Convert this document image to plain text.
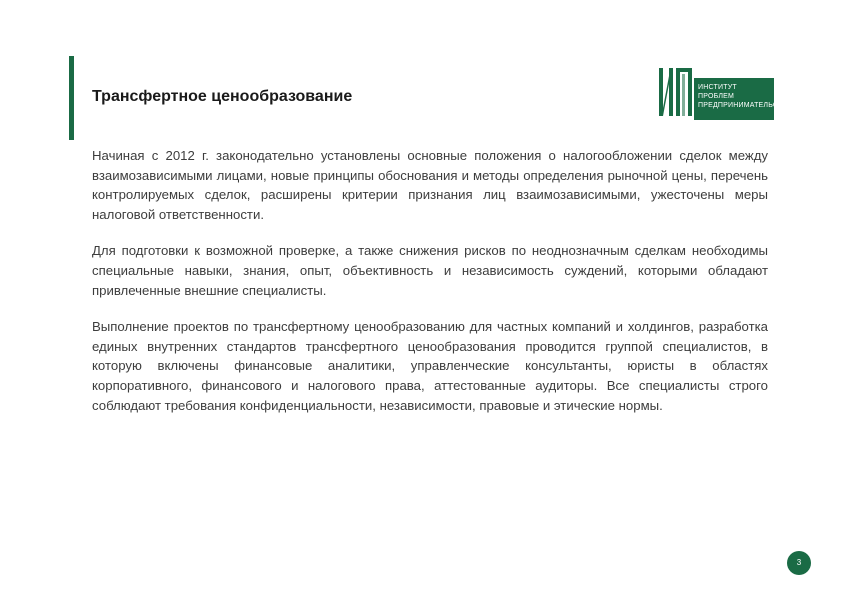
Трансфертное ценообразование
ИНСТИТУТ
ПРОБЛЕМ
ПРЕДПРИНИМАТЕЛЬСТВА

Начиная с 2012 г. законодательно установлены основные положения о налогообложении сделок между взаимозависимыми лицами, новые принципы обоснования и методы определения рыночной цены, перечень контролируемых сделок, расширены критерии признания лиц взаимозависимыми, ужесточены меры налоговой ответственности.

Для подготовки к возможной проверке, а также снижения рисков по неоднозначным сделкам необходимы специальные навыки, знания, опыт, объективность и независимость суждений, которыми обладают привлеченные внешние специалисты.

Выполнение проектов по трансфертному ценообразованию для частных компаний и холдингов, разработка единых внутренних стандартов трансфертного ценообразования проводится группой специалистов, в которую включены финансовые аналитики, управленческие консультанты, юристы в областях корпоративного, финансового и налогового права, аттестованные аудиторы. Все специалисты строго соблюдают требования конфиденциальности, независимости, правовые и этические нормы.

3
